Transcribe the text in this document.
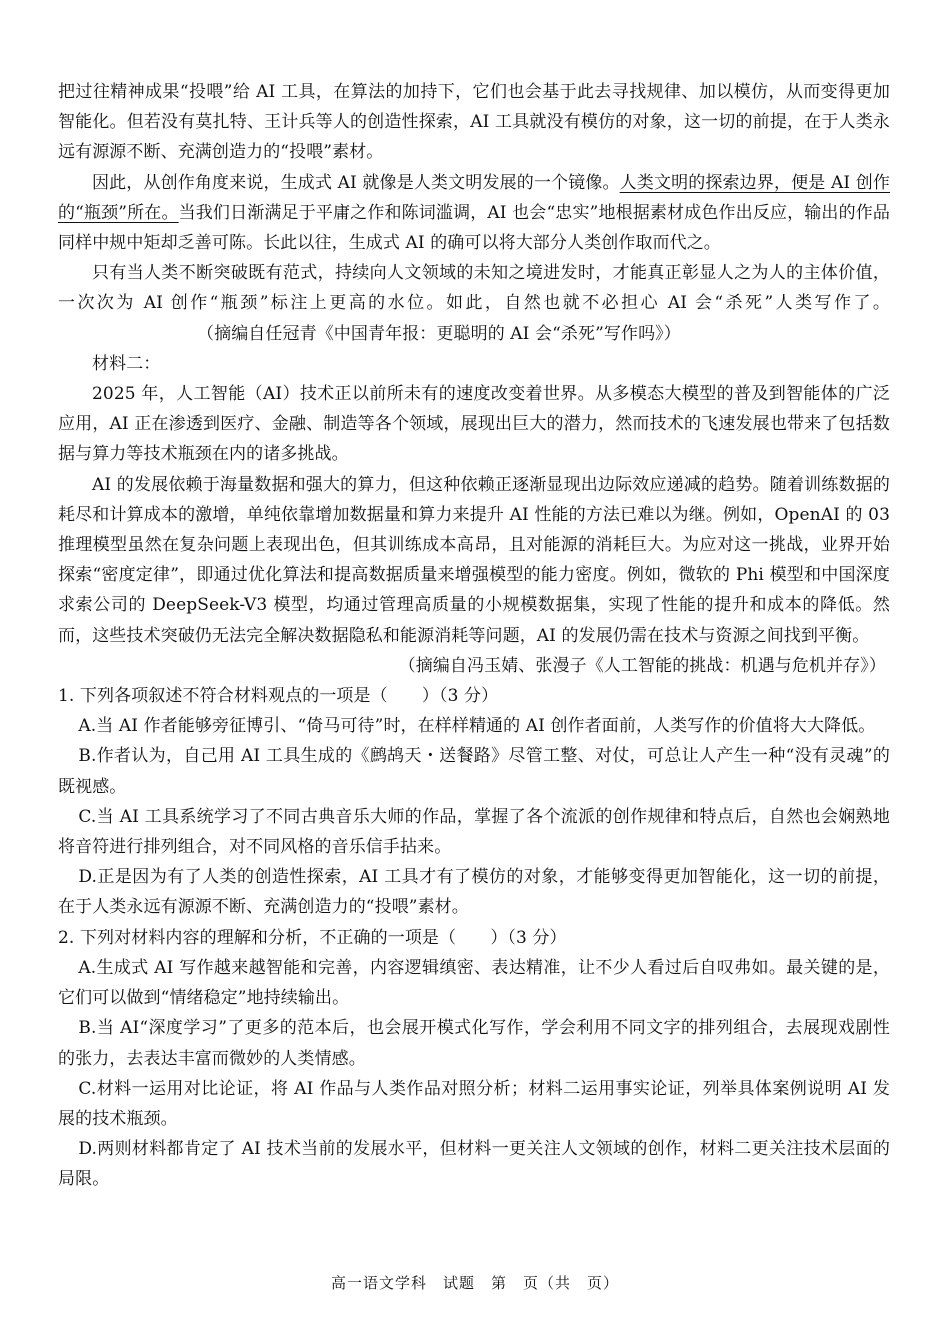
把过往精神成果“投喂”给 AI 工具，在算法的加持下，它们也会基于此去寻找规律、加以模仿，从而变得更加智能化。但若没有莫扎特、王计兵等人的创造性探索，AI 工具就没有模仿的对象，这一切的前提，在于人类永远有源源不断、充满创造力的“投喂”素材。

因此，从创作角度来说，生成式 AI 就像是人类文明发展的一个镜像。人类文明的探索边界，便是 AI 创作的“瓶颈”所在。当我们日渐满足于平庸之作和陈词滥调，AI 也会“忠实”地根据素材成色作出反应，输出的作品同样中规中矩却乏善可陈。长此以往，生成式 AI 的确可以将大部分人类创作取而代之。

只有当人类不断突破既有范式，持续向人文领域的未知之境进发时，才能真正彰显人之为人的主体价值，一次次为 AI 创作“瓶颈”标注上更高的水位。如此，自然也就不必担心 AI 会“杀死”人类写作了。（摘编自任冠青《中国青年报：更聪明的 AI 会“杀死”写作吗》）

材料二：

2025 年，人工智能（AI）技术正以前所未有的速度改变着世界。从多模态大模型的普及到智能体的广泛应用，AI 正在渗透到医疗、金融、制造等各个领域，展现出巨大的潜力，然而技术的飞速发展也带来了包括数据与算力等技术瓶颈在内的诸多挑战。

AI 的发展依赖于海量数据和强大的算力，但这种依赖正逐渐显现出边际效应递减的趋势。随着训练数据的耗尽和计算成本的激增，单纯依靠增加数据量和算力来提升 AI 性能的方法已难以为继。例如，OpenAI 的 03 推理模型虽然在复杂问题上表现出色，但其训练成本高昂，且对能源的消耗巨大。为应对这一挑战，业界开始探索“密度定律”，即通过优化算法和提高数据质量来增强模型的能力密度。例如，微软的 Phi 模型和中国深度求索公司的 DeepSeek-V3 模型，均通过管理高质量的小规模数据集，实现了性能的提升和成本的降低。然而，这些技术突破仍无法完全解决数据隐私和能源消耗等问题，AI 的发展仍需在技术与资源之间找到平衡。

（摘编自冯玉婧、张漫子《人工智能的挑战：机遇与危机并存》）

1. 下列各项叙述不符合材料观点的一项是（　　）（3 分）

A.当 AI 作者能够旁征博引、“倚马可待”时，在样样精通的 AI 创作者面前，人类写作的价值将大大降低。

B.作者认为，自己用 AI 工具生成的《鹧鸪天・送餐路》尽管工整、对仗，可总让人产生一种“没有灵魂”的既视感。

C.当 AI 工具系统学习了不同古典音乐大师的作品，掌握了各个流派的创作规律和特点后，自然也会娴熟地将音符进行排列组合，对不同风格的音乐信手拈来。

D.正是因为有了人类的创造性探索，AI 工具才有了模仿的对象，才能够变得更加智能化，这一切的前提，在于人类永远有源源不断、充满创造力的“投喂”素材。

2. 下列对材料内容的理解和分析，不正确的一项是（　　）（3 分）

A.生成式 AI 写作越来越智能和完善，内容逻辑缜密、表达精准，让不少人看过后自叹弗如。最关键的是，它们可以做到“情绪稳定”地持续输出。

B.当 AI“深度学习”了更多的范本后，也会展开模式化写作，学会利用不同文字的排列组合，去展现戏剧性的张力，去表达丰富而微妙的人类情感。

C.材料一运用对比论证，将 AI 作品与人类作品对照分析；材料二运用事实论证，列举具体案例说明 AI 发展的技术瓶颈。

D.两则材料都肯定了 AI 技术当前的发展水平，但材料一更关注人文领域的创作，材料二更关注技术层面的局限。

高一语文学科　试题　第　页（共　页）
